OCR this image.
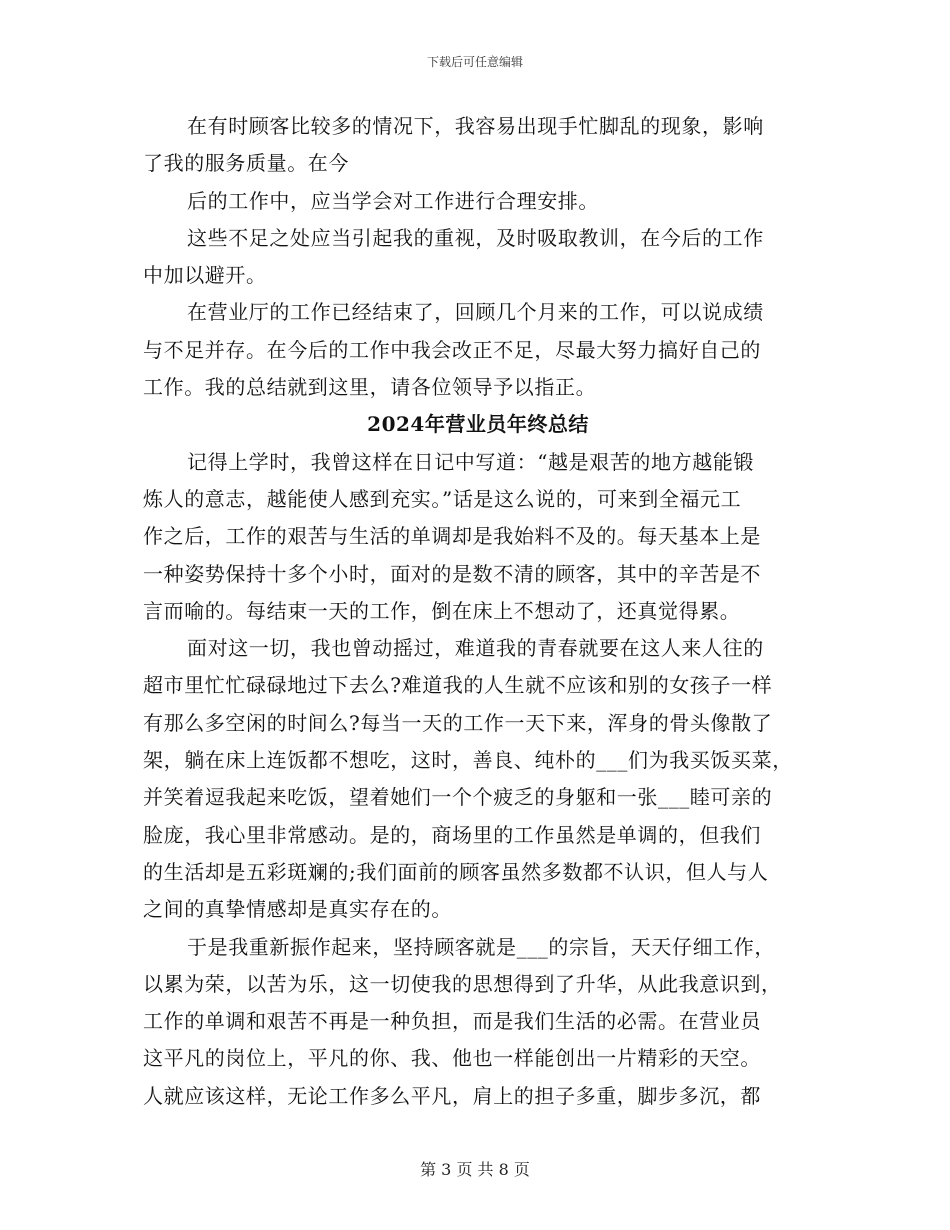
下载后可任意编辑
在有时顾客比较多的情况下，我容易出现手忙脚乱的现象，影响
了我的服务质量。在今
后的工作中，应当学会对工作进行合理安排。
这些不足之处应当引起我的重视，及时吸取教训，在今后的工作
中加以避开。
在营业厅的工作已经结束了，回顾几个月来的工作，可以说成绩
与不足并存。在今后的工作中我会改正不足，尽最大努力搞好自己的
工作。我的总结就到这里，请各位领导予以指正。
2024年营业员年终总结
记得上学时，我曾这样在日记中写道：“越是艰苦的地方越能锻
炼人的意志，越能使人感到充实。”话是这么说的，可来到全福元工
作之后，工作的艰苦与生活的单调却是我始料不及的。每天基本上是
一种姿势保持十多个小时，面对的是数不清的顾客，其中的辛苦是不
言而喻的。每结束一天的工作，倒在床上不想动了，还真觉得累。
面对这一切，我也曾动摇过，难道我的青春就要在这人来人往的
超市里忙忙碌碌地过下去么?难道我的人生就不应该和别的女孩子一样
有那么多空闲的时间么?每当一天的工作一天下来，浑身的骨头像散了
架，躺在床上连饭都不想吃，这时，善良、纯朴的___们为我买饭买菜，
并笑着逗我起来吃饭，望着她们一个个疲乏的身躯和一张___睦可亲的
脸庞，我心里非常感动。是的，商场里的工作虽然是单调的，但我们
的生活却是五彩斑斓的;我们面前的顾客虽然多数都不认识，但人与人
之间的真挚情感却是真实存在的。
于是我重新振作起来，坚持顾客就是___的宗旨，天天仔细工作，
以累为荣，以苦为乐，这一切使我的思想得到了升华，从此我意识到，
工作的单调和艰苦不再是一种负担，而是我们生活的必需。在营业员
这平凡的岗位上，平凡的你、我、他也一样能创出一片精彩的天空。
人就应该这样，无论工作多么平凡，肩上的担子多重，脚步多沉，都
第 3 页 共 8 页
